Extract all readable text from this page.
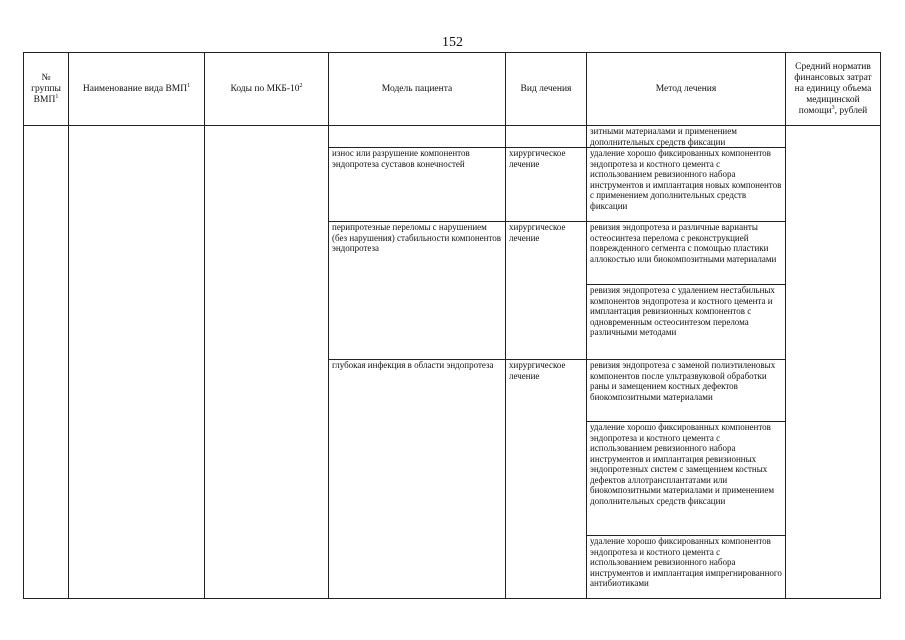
152
№
группы
ВМП$^1$	Наименование вида ВМП$^1$	Коды по МКБ-$10^2$	Модель пациента	Вид лечения	Метод лечения	Средний норматив финансовых затрат на единицу объема медицинской помощи$^3$, рублей
					зитными материалами и применением дополнительных средств фиксации	
			износ или разрушение компонентов эндопротеза суставов конечностей	хирургическое лечение	удаление хорошо фиксированных компонентов эндопротеза и костного цемента с использованием ревизионного набора инструментов и имплантация новых компонентов с применением дополнительных средств фиксации	
			перипротезные переломы с нарушением (без нарушения) стабильности компонентов эндопротеза	хирургическое лечение	ревизия эндопротеза и различные варианты остеосинтеза перелома с реконструкцией поврежденного сегмента с помощью пластики аллокостью или биокомпозитными материалами	
					ревизия эндопротеза с удалением нестабильных компонентов эндопротеза и костного цемента и имплантация ревизионных компонентов с одновременным остеосинтезом перелома различными методами	
			глубокая инфекция в области эндопротеза	хирургическое лечение	ревизия эндопротеза с заменой полиэтиленовых компонентов после ультразвуковой обработки раны и замещением костных дефектов биокомпозитными материалами	
					удаление хорошо фиксированных компонентов эндопротеза и костного цемента с использованием ревизионного набора инструментов и имплантация ревизионных эндопротезных систем с замещением костных дефектов аллотрансплантатами или биокомпозитными материалами и применением дополнительных средств фиксации	
					удаление хорошо фиксированных компонентов эндопротеза и костного цемента с использованием ревизионного набора инструментов и имплантация импрегнированного антибиотиками	
